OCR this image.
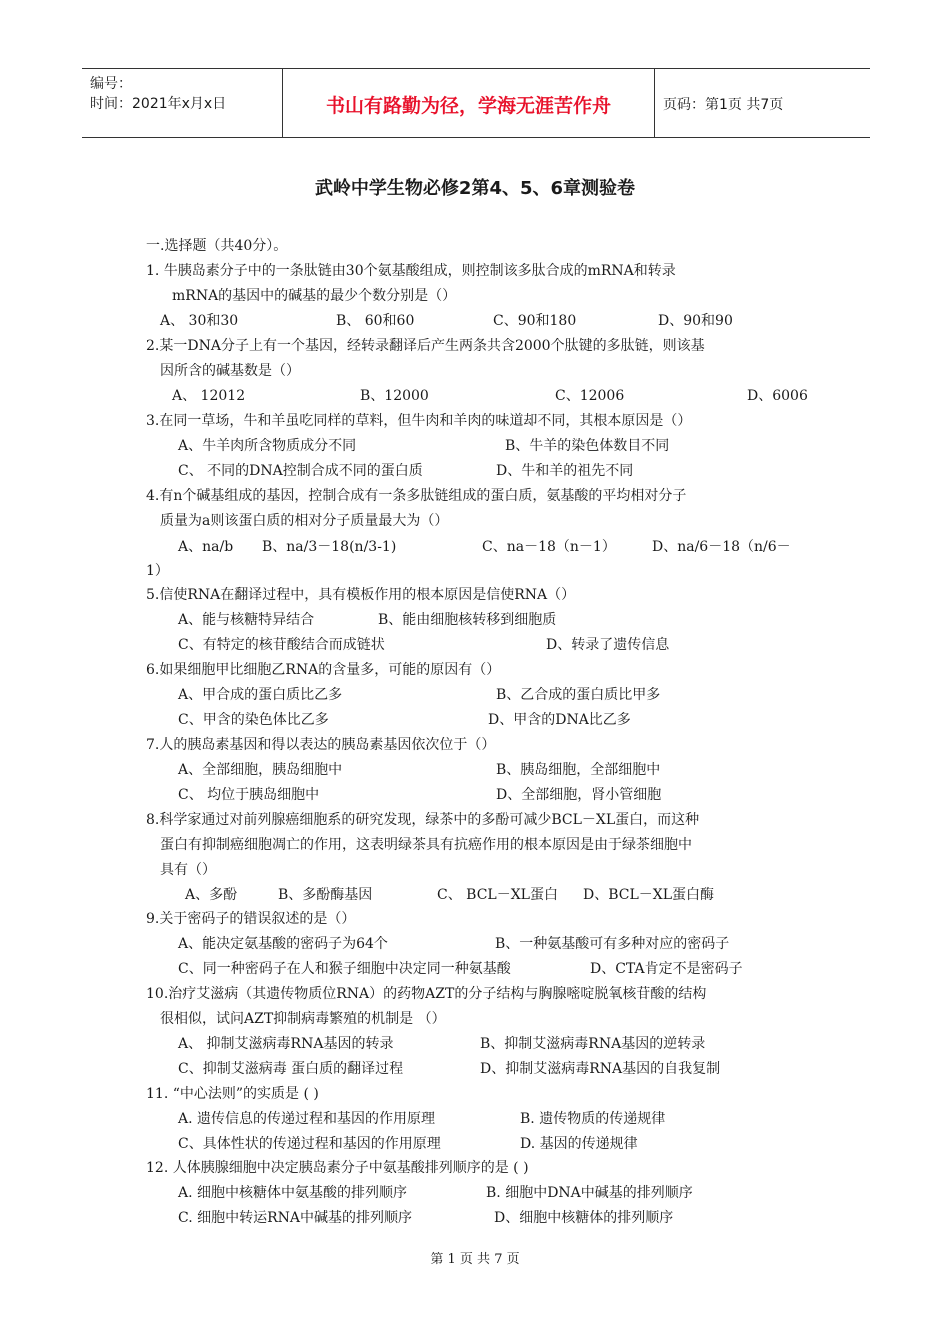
编号：
时间：2021年x月x日	书山有路勤为径，学海无涯苦作舟	页码：第1页 共7页
武岭中学生物必修2第4、5、6章测验卷
一.选择题（共40分）。
1. 牛胰岛素分子中的一条肽链由30个氨基酸组成，则控制该多肽合成的mRNA和转录
mRNA的基因中的碱基的最少个数分别是（）
A、 30和30	B、 60和60	C、90和180	D、90和90
2.某一DNA分子上有一个基因，经转录翻译后产生两条共含2000个肽键的多肽链，则该基
因所含的碱基数是（）
A、 12012	B、12000	C、12006	D、6006
3.在同一草场，牛和羊虽吃同样的草料，但牛肉和羊肉的味道却不同，其根本原因是（）
A、牛羊肉所含物质成分不同	B、牛羊的染色体数目不同
C、 不同的DNA控制合成不同的蛋白质	D、牛和羊的祖先不同
4.有n个碱基组成的基因，控制合成有一条多肽链组成的蛋白质，氨基酸的平均相对分子
质量为a则该蛋白质的相对分子质量最大为（）
A、na/b B、na/3－18(n/3-1)	C、na－18（n－1）	D、na/6－18（n/6－
1）
5.信使RNA在翻译过程中，具有模板作用的根本原因是信使RNA（）
A、能与核糖特异结合	B、能由细胞核转移到细胞质
C、有特定的核苷酸结合而成链状	D、转录了遗传信息
6.如果细胞甲比细胞乙RNA的含量多，可能的原因有（）
A、甲合成的蛋白质比乙多	B、乙合成的蛋白质比甲多
C、甲含的染色体比乙多	D、甲含的DNA比乙多
7.人的胰岛素基因和得以表达的胰岛素基因依次位于（）
A、全部细胞，胰岛细胞中	B、胰岛细胞，全部细胞中
C、 均位于胰岛细胞中	D、全部细胞，肾小管细胞
8.科学家通过对前列腺癌细胞系的研究发现，绿茶中的多酚可减少BCL－XL蛋白，而这种
蛋白有抑制癌细胞凋亡的作用，这表明绿茶具有抗癌作用的根本原因是由于绿茶细胞中
具有（）
A、多酚	B、多酚酶基因	C、 BCL－XL蛋白 D、BCL－XL蛋白酶
9.关于密码子的错误叙述的是（）
A、能决定氨基酸的密码子为64个	B、一种氨基酸可有多种对应的密码子
C、同一种密码子在人和猴子细胞中决定同一种氨基酸	D、CTA肯定不是密码子
10.治疗艾滋病（其遗传物质位RNA）的药物AZT的分子结构与胸腺嘧啶脱氧核苷酸的结构
很相似，试问AZT抑制病毒繁殖的机制是 （）
A、 抑制艾滋病毒RNA基因的转录	B、抑制艾滋病毒RNA基因的逆转录
C、抑制艾滋病毒 蛋白质的翻译过程	D、抑制艾滋病毒RNA基因的自我复制
11. “中心法则”的实质是 ( )
A. 遗传信息的传递过程和基因的作用原理	B. 遗传物质的传递规律
C、具体性状的传递过程和基因的作用原理	D. 基因的传递规律
12. 人体胰腺细胞中决定胰岛素分子中氨基酸排列顺序的是 ( )
A. 细胞中核糖体中氨基酸的排列顺序	B. 细胞中DNA中碱基的排列顺序
C. 细胞中转运RNA中碱基的排列顺序	D、细胞中核糖体的排列顺序
第 1 页 共 7 页
